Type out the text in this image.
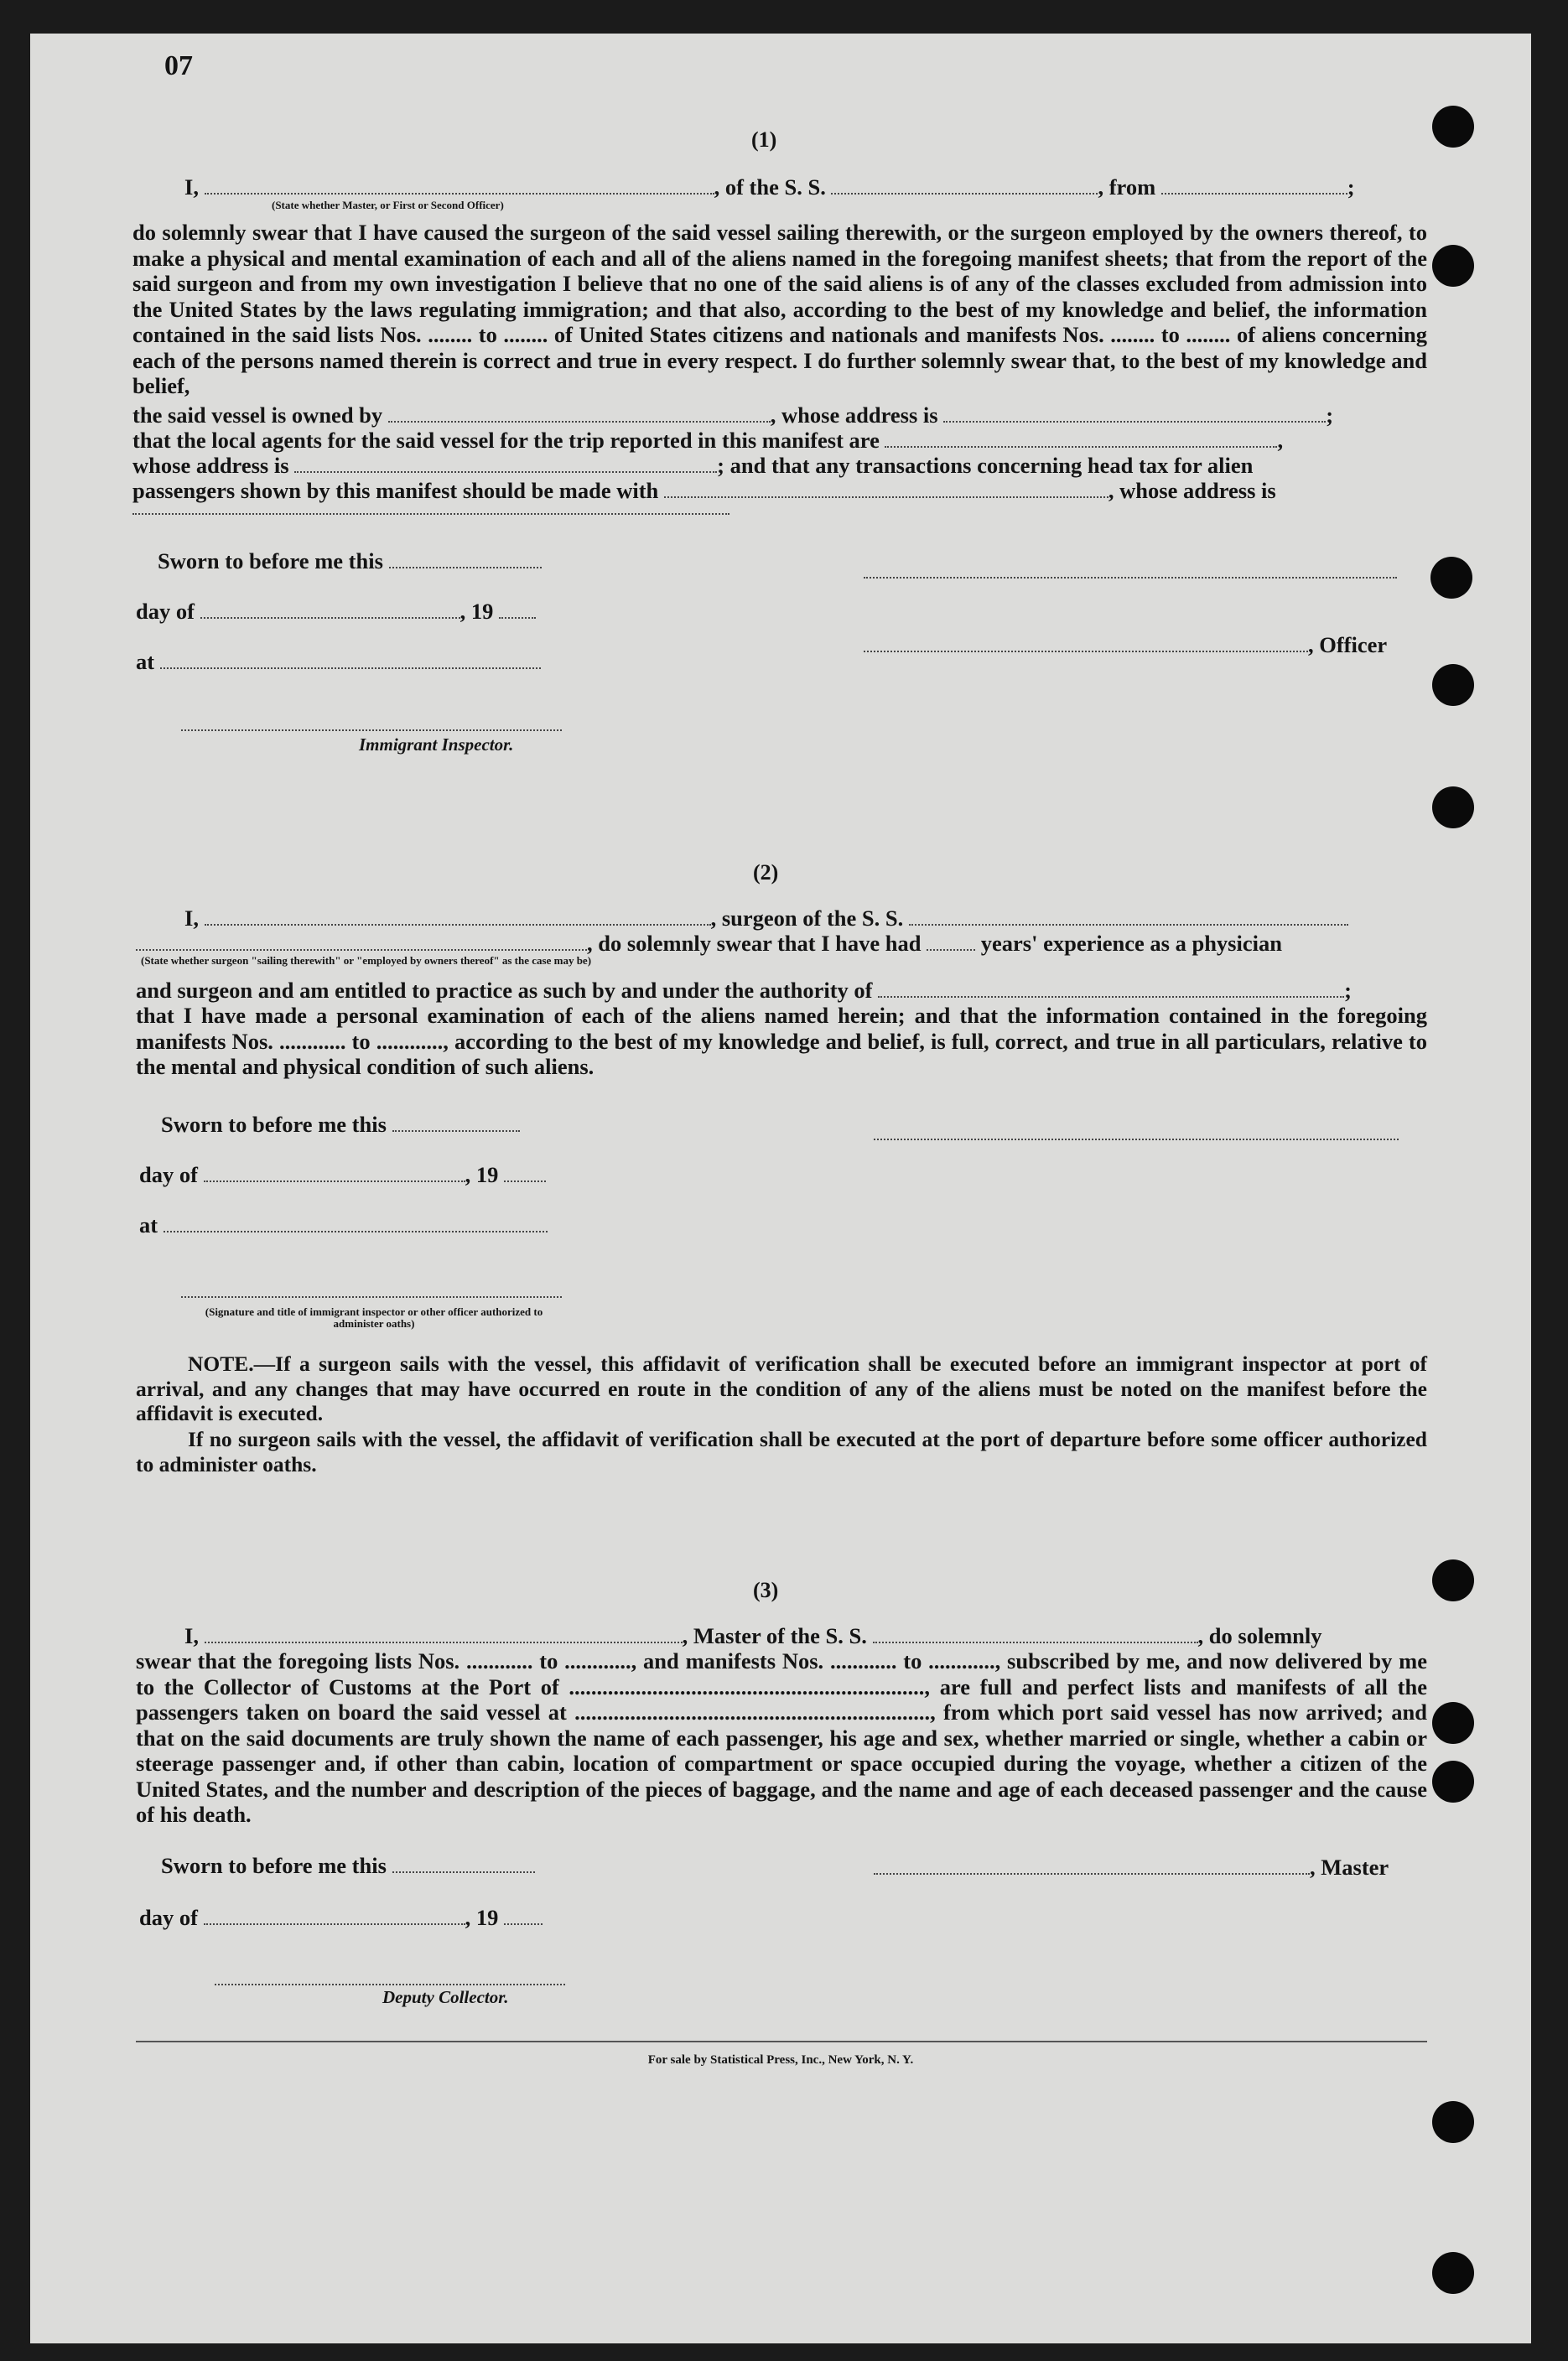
07
(1)
I,	, of the S. S.	, from	;
(State whether Master, or First or Second Officer)
do solemnly swear that I have caused the surgeon of the said vessel sailing therewith, or the surgeon employed by the owners thereof, to make a physical and mental examination of each and all of the aliens named in the foregoing manifest sheets; that from the report of the said surgeon and from my own investigation I believe that no one of the said aliens is of any of the classes excluded from admission into the United States by the laws regulating immigration; and that also, according to the best of my knowledge and belief, the information contained in the said lists Nos. ........ to ........ of United States citizens and nationals and manifests Nos. ........ to ........ of aliens concerning each of the persons named therein is correct and true in every respect. I do further solemnly swear that, to the best of my knowledge and belief,
the said vessel is owned by	, whose address is	;
that the local agents for the said vessel for the trip reported in this manifest are	,
whose address is	; and that any transactions concerning head tax for alien
passengers shown by this manifest should be made with	, whose address is
Sworn to before me this
day of	, 19
, Officer
at
Immigrant Inspector.
(2)
I,	, surgeon of the S. S.
, do solemnly swear that I have had	years' experience as a physician
(State whether surgeon "sailing therewith" or "employed by owners thereof" as the case may be)
and surgeon and am entitled to practice as such by and under the authority of	;
that I have made a personal examination of each of the aliens named herein; and that the information contained in the foregoing manifests Nos. ............ to ............, according to the best of my knowledge and belief, is full, correct, and true in all particulars, relative to the mental and physical condition of such aliens.
Sworn to before me this
day of	, 19
at
(Signature and title of immigrant inspector or other officer authorized to administer oaths)
NOTE.—If a surgeon sails with the vessel, this affidavit of verification shall be executed before an immigrant inspector at port of arrival, and any changes that may have occurred en route in the condition of any of the aliens must be noted on the manifest before the affidavit is executed.
If no surgeon sails with the vessel, the affidavit of verification shall be executed at the port of departure before some officer authorized to administer oaths.
(3)
I,	, Master of the S. S.	, do solemnly
swear that the foregoing lists Nos. ............ to ............, and manifests Nos. ............ to ............, subscribed by me, and now delivered by me to the Collector of Customs at the Port of ................................................................, are full and perfect lists and manifests of all the passengers taken on board the said vessel at ................................................................, from which port said vessel has now arrived; and that on the said documents are truly shown the name of each passenger, his age and sex, whether married or single, whether a cabin or steerage passenger and, if other than cabin, location of compartment or space occupied during the voyage, whether a citizen of the United States, and the number and description of the pieces of baggage, and the name and age of each deceased passenger and the cause of his death.
Sworn to before me this	, Master
day of	, 19
Deputy Collector.
For sale by Statistical Press, Inc., New York, N. Y.
